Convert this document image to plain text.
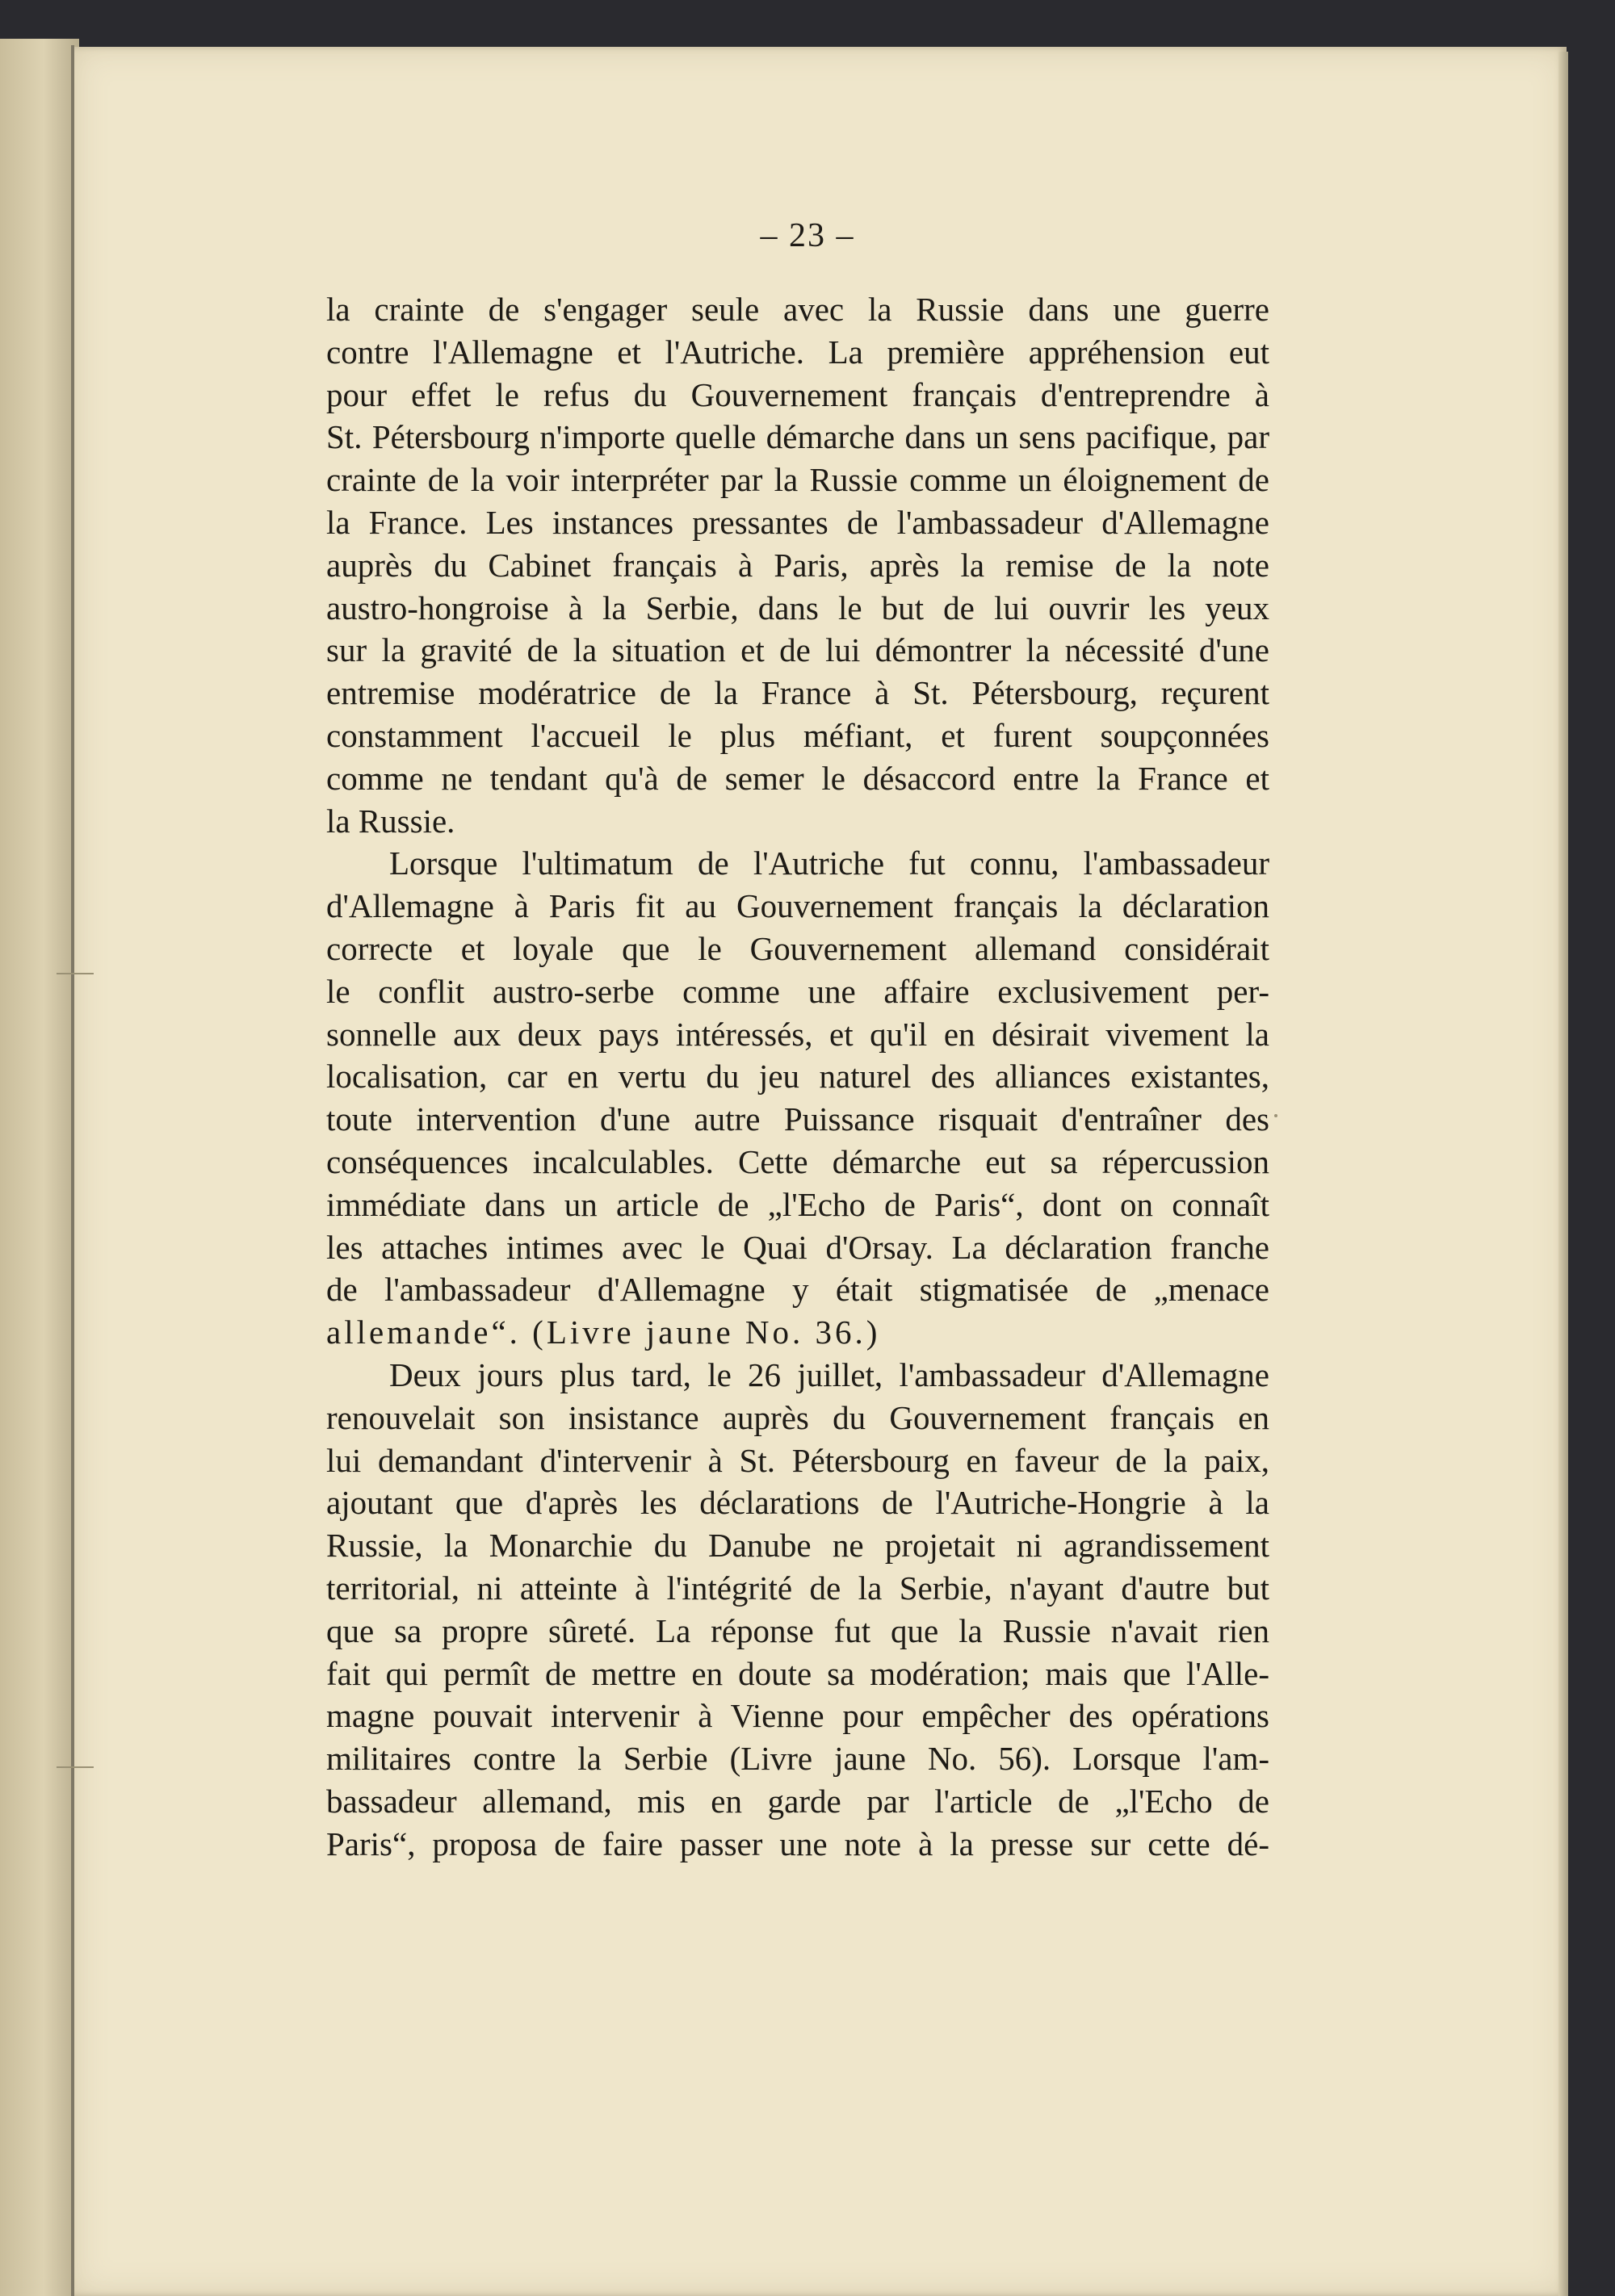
– 23 –
la crainte de s'engager seule avec la Russie dans une guerre
contre l'Allemagne et l'Autriche. La première appréhension eut
pour effet le refus du Gouvernement français d'entreprendre à
St. Pétersbourg n'importe quelle démarche dans un sens pacifique, par
crainte de la voir interpréter par la Russie comme un éloignement de
la France. Les instances pressantes de l'ambassadeur d'Allemagne
auprès du Cabinet français à Paris, après la remise de la note
austro-hongroise à la Serbie, dans le but de lui ouvrir les yeux
sur la gravité de la situation et de lui démontrer la nécessité d'une
entremise modératrice de la France à St. Pétersbourg, reçurent
constamment l'accueil le plus méfiant, et furent soupçonnées
comme ne tendant qu'à de semer le désaccord entre la France et
la Russie.
Lorsque l'ultimatum de l'Autriche fut connu, l'ambassadeur
d'Allemagne à Paris fit au Gouvernement français la déclaration
correcte et loyale que le Gouvernement allemand considérait
le conflit austro-serbe comme une affaire exclusivement per-
sonnelle aux deux pays intéressés, et qu'il en désirait vivement la
localisation, car en vertu du jeu naturel des alliances existantes,
toute intervention d'une autre Puissance risquait d'entraîner des
conséquences incalculables. Cette démarche eut sa répercussion
immédiate dans un article de „l'Echo de Paris“, dont on connaît
les attaches intimes avec le Quai d'Orsay. La déclaration franche
de l'ambassadeur d'Allemagne y était stigmatisée de „menace
allemande“. (Livre jaune No. 36.)
Deux jours plus tard, le 26 juillet, l'ambassadeur d'Allemagne
renouvelait son insistance auprès du Gouvernement français en
lui demandant d'intervenir à St. Pétersbourg en faveur de la paix,
ajoutant que d'après les déclarations de l'Autriche-Hongrie à la
Russie, la Monarchie du Danube ne projetait ni agrandissement
territorial, ni atteinte à l'intégrité de la Serbie, n'ayant d'autre but
que sa propre sûreté. La réponse fut que la Russie n'avait rien
fait qui permît de mettre en doute sa modération; mais que l'Alle-
magne pouvait intervenir à Vienne pour empêcher des opérations
militaires contre la Serbie (Livre jaune No. 56). Lorsque l'am-
bassadeur allemand, mis en garde par l'article de „l'Echo de
Paris“, proposa de faire passer une note à la presse sur cette dé-
